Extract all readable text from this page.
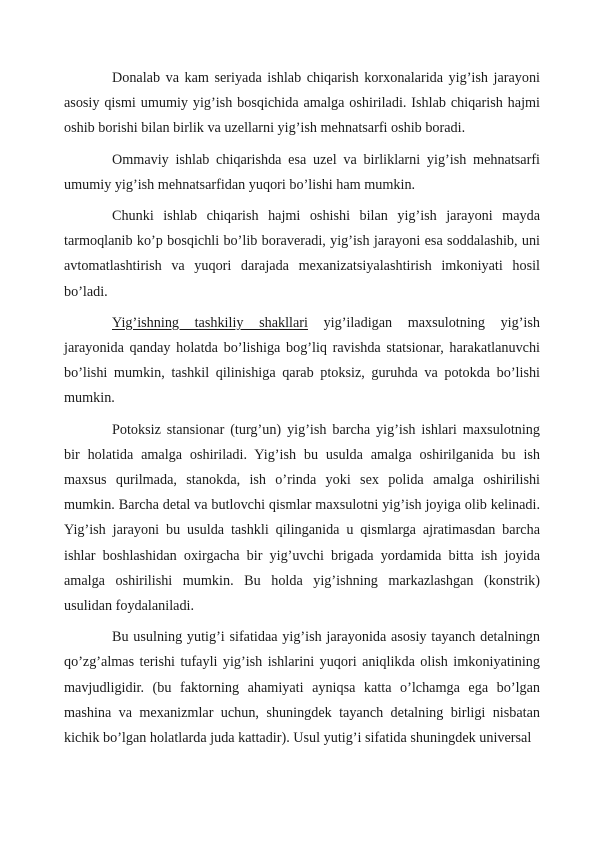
Donalab va kam seriyada ishlab chiqarish korxonalarida yig’ish jarayoni asosiy qismi umumiy yig’ish bosqichida amalga oshiriladi. Ishlab chiqarish hajmi oshib borishi bilan birlik va uzellarni yig’ish mehnatsarfi oshib boradi.

Ommaviy ishlab chiqarishda esa uzel va birliklarni yig’ish mehnatsarfi umumiy yig’ish mehnatsarfidan yuqori bo’lishi ham mumkin.

Chunki ishlab chiqarish hajmi oshishi bilan yig’ish jarayoni mayda tarmoqlanib ko’p bosqichli bo’lib boraveradi, yig’ish jarayoni esa soddalashib, uni avtomatlashtirish va yuqori darajada mexanizatsiyalashtirish imkoniyati hosil bo’ladi.

Yig’ishning tashkiliy shakllari yig’iladigan maxsulotning yig’ish jarayonida qanday holatda bo’lishiga bog’liq ravishda statsionar, harakatlanuvchi bo’lishi mumkin, tashkil qilinishiga qarab ptoksiz, guruhda va potokda bo’lishi mumkin.

Potoksiz stansionar (turg’un) yig’ish barcha yig’ish ishlari maxsulotning bir holatida amalga oshiriladi. Yig’ish bu usulda amalga oshirilganida bu ish maxsus qurilmada, stanokda, ish o’rinda yoki sex polida amalga oshirilishi mumkin. Barcha detal va butlovchi qismlar maxsulotni yig’ish joyiga olib kelinadi. Yig’ish jarayoni bu usulda tashkli qilinganida u qismlarga ajratimasdan barcha ishlar boshlashidan oxirgacha bir yig’uvchi brigada yordamida bitta ish joyida amalga oshirilishi mumkin. Bu holda yig’ishning markazlashgan (konstrik) usulidan foydalaniladi.

Bu usulning yutig’i sifatidaa yig’ish jarayonida asosiy tayanch detalningn qo’zg’almas terishi tufayli yig’ish ishlarini yuqori aniqlikda olish imkoniyatining mavjudligidir. (bu faktorning ahamiyati ayniqsa katta o’lchamga ega bo’lgan mashina va mexanizmlar uchun, shuningdek tayanch detalning birligi nisbatan kichik bo’lgan holatlarda juda kattadir). Usul yutig’i sifatida shuningdek universal
